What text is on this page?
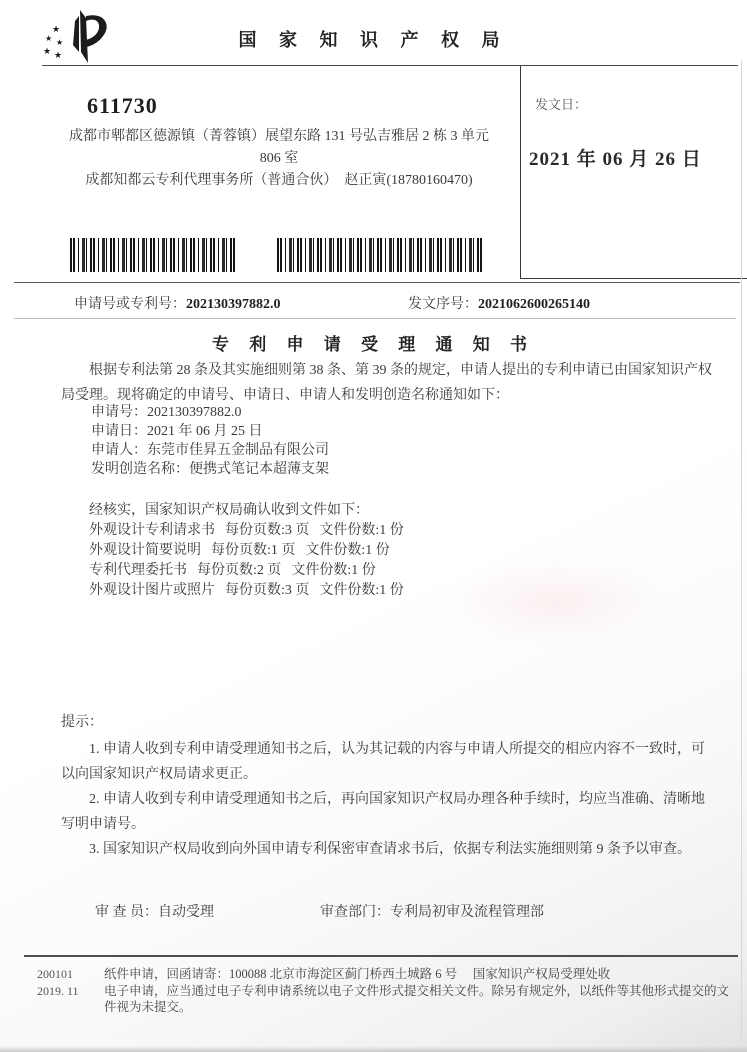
★
★ ★
★ ★
国 家 知 识 产 权 局
发文日：
2021 年 06 月 26 日
611730
成都市郫都区德源镇（菁蓉镇）展望东路 131 号弘吉雅居 2 栋 3 单元
806 室
成都知都云专利代理事务所（普通合伙）　赵正寅(18780160470)
申请号或专利号：202130397882.0	发文序号：2021062600265140
专 利 申 请 受 理 通 知 书

根据专利法第 28 条及其实施细则第 38 条、第 39 条的规定，申请人提出的专利申请已由国家知识产权局受理。现将确定的申请号、申请日、申请人和发明创造名称通知如下：

申请号：202130397882.0
申请日：2021 年 06 月 25 日
申请人：东莞市佳昇五金制品有限公司
发明创造名称：便携式笔记本超薄支架
经核实，国家知识产权局确认收到文件如下：
外观设计专利请求书 每份页数:3 页 文件份数:1 份
外观设计简要说明 每份页数:1 页 文件份数:1 份
专利代理委托书 每份页数:2 页 文件份数:1 份
外观设计图片或照片 每份页数:3 页 文件份数:1 份

提示：

1. 申请人收到专利申请受理通知书之后，认为其记载的内容与申请人所提交的相应内容不一致时，可以向国家知识产权局请求更正。

2. 申请人收到专利申请受理通知书之后，再向国家知识产权局办理各种手续时，均应当准确、清晰地写明申请号。

3. 国家知识产权局收到向外国申请专利保密审查请求书后，依据专利法实施细则第 9 条予以审查。

审 查 员：自动受理	审查部门：专利局初审及流程管理部
200101
2019. 11

纸件申请，回函请寄：100088 北京市海淀区蓟门桥西土城路 6 号　 国家知识产权局受理处收

电子申请，应当通过电子专利申请系统以电子文件形式提交相关文件。除另有规定外，以纸件等其他形式提交的文件视为未提交。
